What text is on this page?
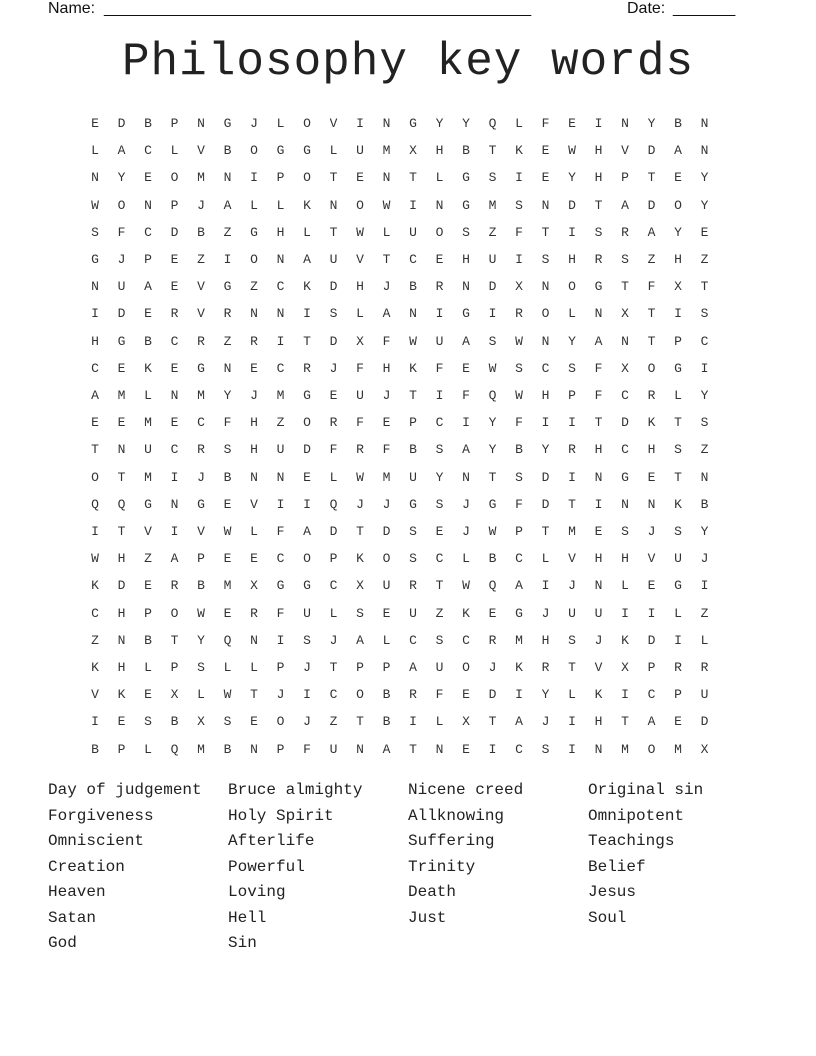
Name: ________________________________________________	Date: _______
Philosophy key words
E	D	B	P	N	G	J	L	O	V	I	N	G	Y	Y	Q	L	F	E	I	N	Y	B	N
L	A	C	L	V	B	O	G	G	L	U	M	X	H	B	T	K	E	W	H	V	D	A	N
N	Y	E	O	M	N	I	P	O	T	E	N	T	L	G	S	I	E	Y	H	P	T	E	Y
W	O	N	P	J	A	L	L	K	N	O	W	I	N	G	M	S	N	D	T	A	D	O	Y
S	F	C	D	B	Z	G	H	L	T	W	L	U	O	S	Z	F	T	I	S	R	A	Y	E
G	J	P	E	Z	I	O	N	A	U	V	T	C	E	H	U	I	S	H	R	S	Z	H	Z
N	U	A	E	V	G	Z	C	K	D	H	J	B	R	N	D	X	N	O	G	T	F	X	T
I	D	E	R	V	R	N	N	I	S	L	A	N	I	G	I	R	O	L	N	X	T	I	S
H	G	B	C	R	Z	R	I	T	D	X	F	W	U	A	S	W	N	Y	A	N	T	P	C
C	E	K	E	G	N	E	C	R	J	F	H	K	F	E	W	S	C	S	F	X	O	G	I
A	M	L	N	M	Y	J	M	G	E	U	J	T	I	F	Q	W	H	P	F	C	R	L	Y
E	E	M	E	C	F	H	Z	O	R	F	E	P	C	I	Y	F	I	I	T	D	K	T	S
T	N	U	C	R	S	H	U	D	F	R	F	B	S	A	Y	B	Y	R	H	C	H	S	Z
O	T	M	I	J	B	N	N	E	L	W	M	U	Y	N	T	S	D	I	N	G	E	T	N
Q	Q	G	N	G	E	V	I	I	Q	J	J	G	S	J	G	F	D	T	I	N	N	K	B
I	T	V	I	V	W	L	F	A	D	T	D	S	E	J	W	P	T	M	E	S	J	S	Y
W	H	Z	A	P	E	E	C	O	P	K	O	S	C	L	B	C	L	V	H	H	V	U	J
K	D	E	R	B	M	X	G	G	C	X	U	R	T	W	Q	A	I	J	N	L	E	G	I
C	H	P	O	W	E	R	F	U	L	S	E	U	Z	K	E	G	J	U	U	I	I	L	Z
Z	N	B	T	Y	Q	N	I	S	J	A	L	C	S	C	R	M	H	S	J	K	D	I	L
K	H	L	P	S	L	L	P	J	T	P	P	A	U	O	J	K	R	T	V	X	P	R	R
V	K	E	X	L	W	T	J	I	C	O	B	R	F	E	D	I	Y	L	K	I	C	P	U
I	E	S	B	X	S	E	O	J	Z	T	B	I	L	X	T	A	J	I	H	T	A	E	D
B	P	L	Q	M	B	N	P	F	U	N	A	T	N	E	I	C	S	I	N	M	O	M	X
Day of judgement
Forgiveness
Omniscient
Creation
Heaven
Satan
God
Bruce almighty
Holy Spirit
Afterlife
Powerful
Loving
Hell
Sin
Nicene creed
Allknowing
Suffering
Trinity
Death
Just
Original sin
Omnipotent
Teachings
Belief
Jesus
Soul
